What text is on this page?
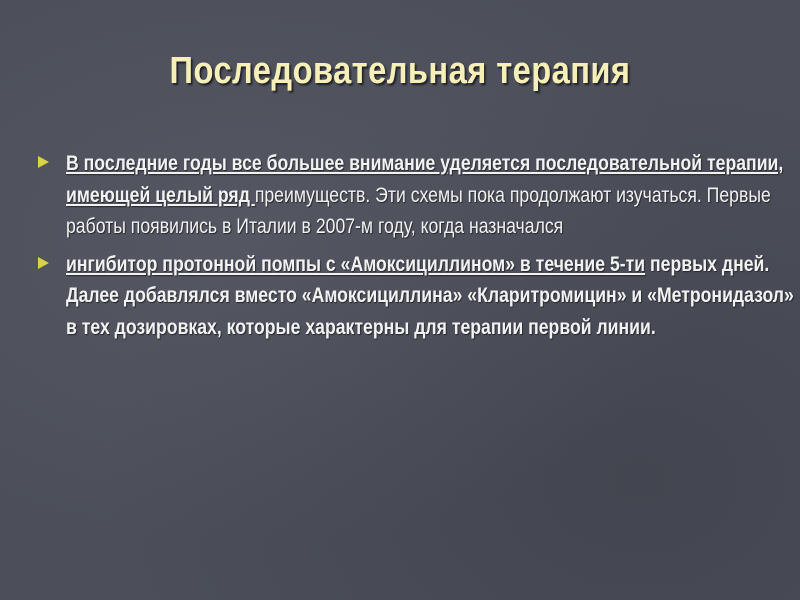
Последовательная терапия
В последние годы все большее внимание уделяется последовательной терапии, имеющей целый ряд преимуществ. Эти схемы пока продолжают изучаться. Первые работы появились в Италии в 2007-м году, когда назначался
ингибитор протонной помпы с «Амоксициллином» в течение 5-ти первых дней. Далее добавлялся вместо «Амоксициллина» «Кларитромицин» и «Метронидазол» в тех дозировках, которые характерны для терапии первой линии.
